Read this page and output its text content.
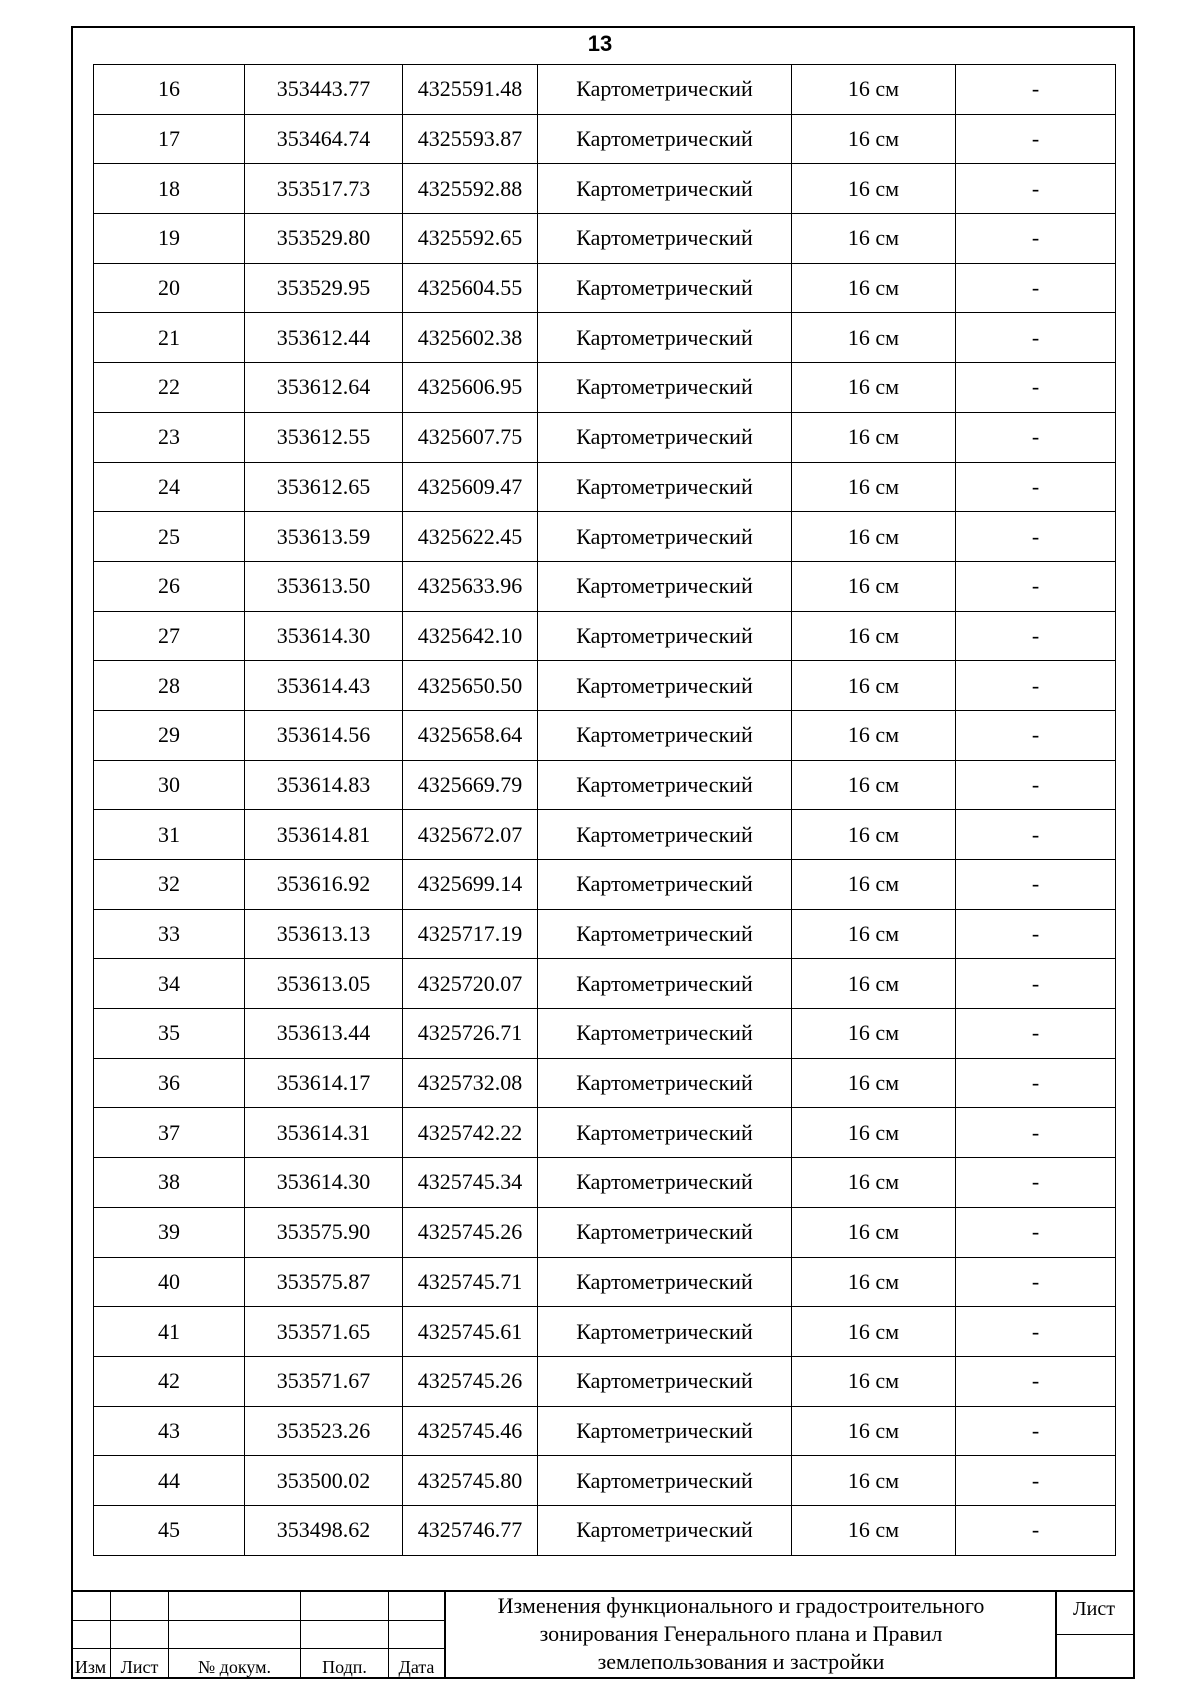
13
16	353443.77	4325591.48	Картометрический	16 см	-
17	353464.74	4325593.87	Картометрический	16 см	-
18	353517.73	4325592.88	Картометрический	16 см	-
19	353529.80	4325592.65	Картометрический	16 см	-
20	353529.95	4325604.55	Картометрический	16 см	-
21	353612.44	4325602.38	Картометрический	16 см	-
22	353612.64	4325606.95	Картометрический	16 см	-
23	353612.55	4325607.75	Картометрический	16 см	-
24	353612.65	4325609.47	Картометрический	16 см	-
25	353613.59	4325622.45	Картометрический	16 см	-
26	353613.50	4325633.96	Картометрический	16 см	-
27	353614.30	4325642.10	Картометрический	16 см	-
28	353614.43	4325650.50	Картометрический	16 см	-
29	353614.56	4325658.64	Картометрический	16 см	-
30	353614.83	4325669.79	Картометрический	16 см	-
31	353614.81	4325672.07	Картометрический	16 см	-
32	353616.92	4325699.14	Картометрический	16 см	-
33	353613.13	4325717.19	Картометрический	16 см	-
34	353613.05	4325720.07	Картометрический	16 см	-
35	353613.44	4325726.71	Картометрический	16 см	-
36	353614.17	4325732.08	Картометрический	16 см	-
37	353614.31	4325742.22	Картометрический	16 см	-
38	353614.30	4325745.34	Картометрический	16 см	-
39	353575.90	4325745.26	Картометрический	16 см	-
40	353575.87	4325745.71	Картометрический	16 см	-
41	353571.65	4325745.61	Картометрический	16 см	-
42	353571.67	4325745.26	Картометрический	16 см	-
43	353523.26	4325745.46	Картометрический	16 см	-
44	353500.02	4325745.80	Картометрический	16 см	-
45	353498.62	4325746.77	Картометрический	16 см	-
Изм Лист	№ докум.	Подп.	Дата
Изменения функционального и градостроительного
зонирования Генерального плана и Правил
землепользования и застройки
Лист
